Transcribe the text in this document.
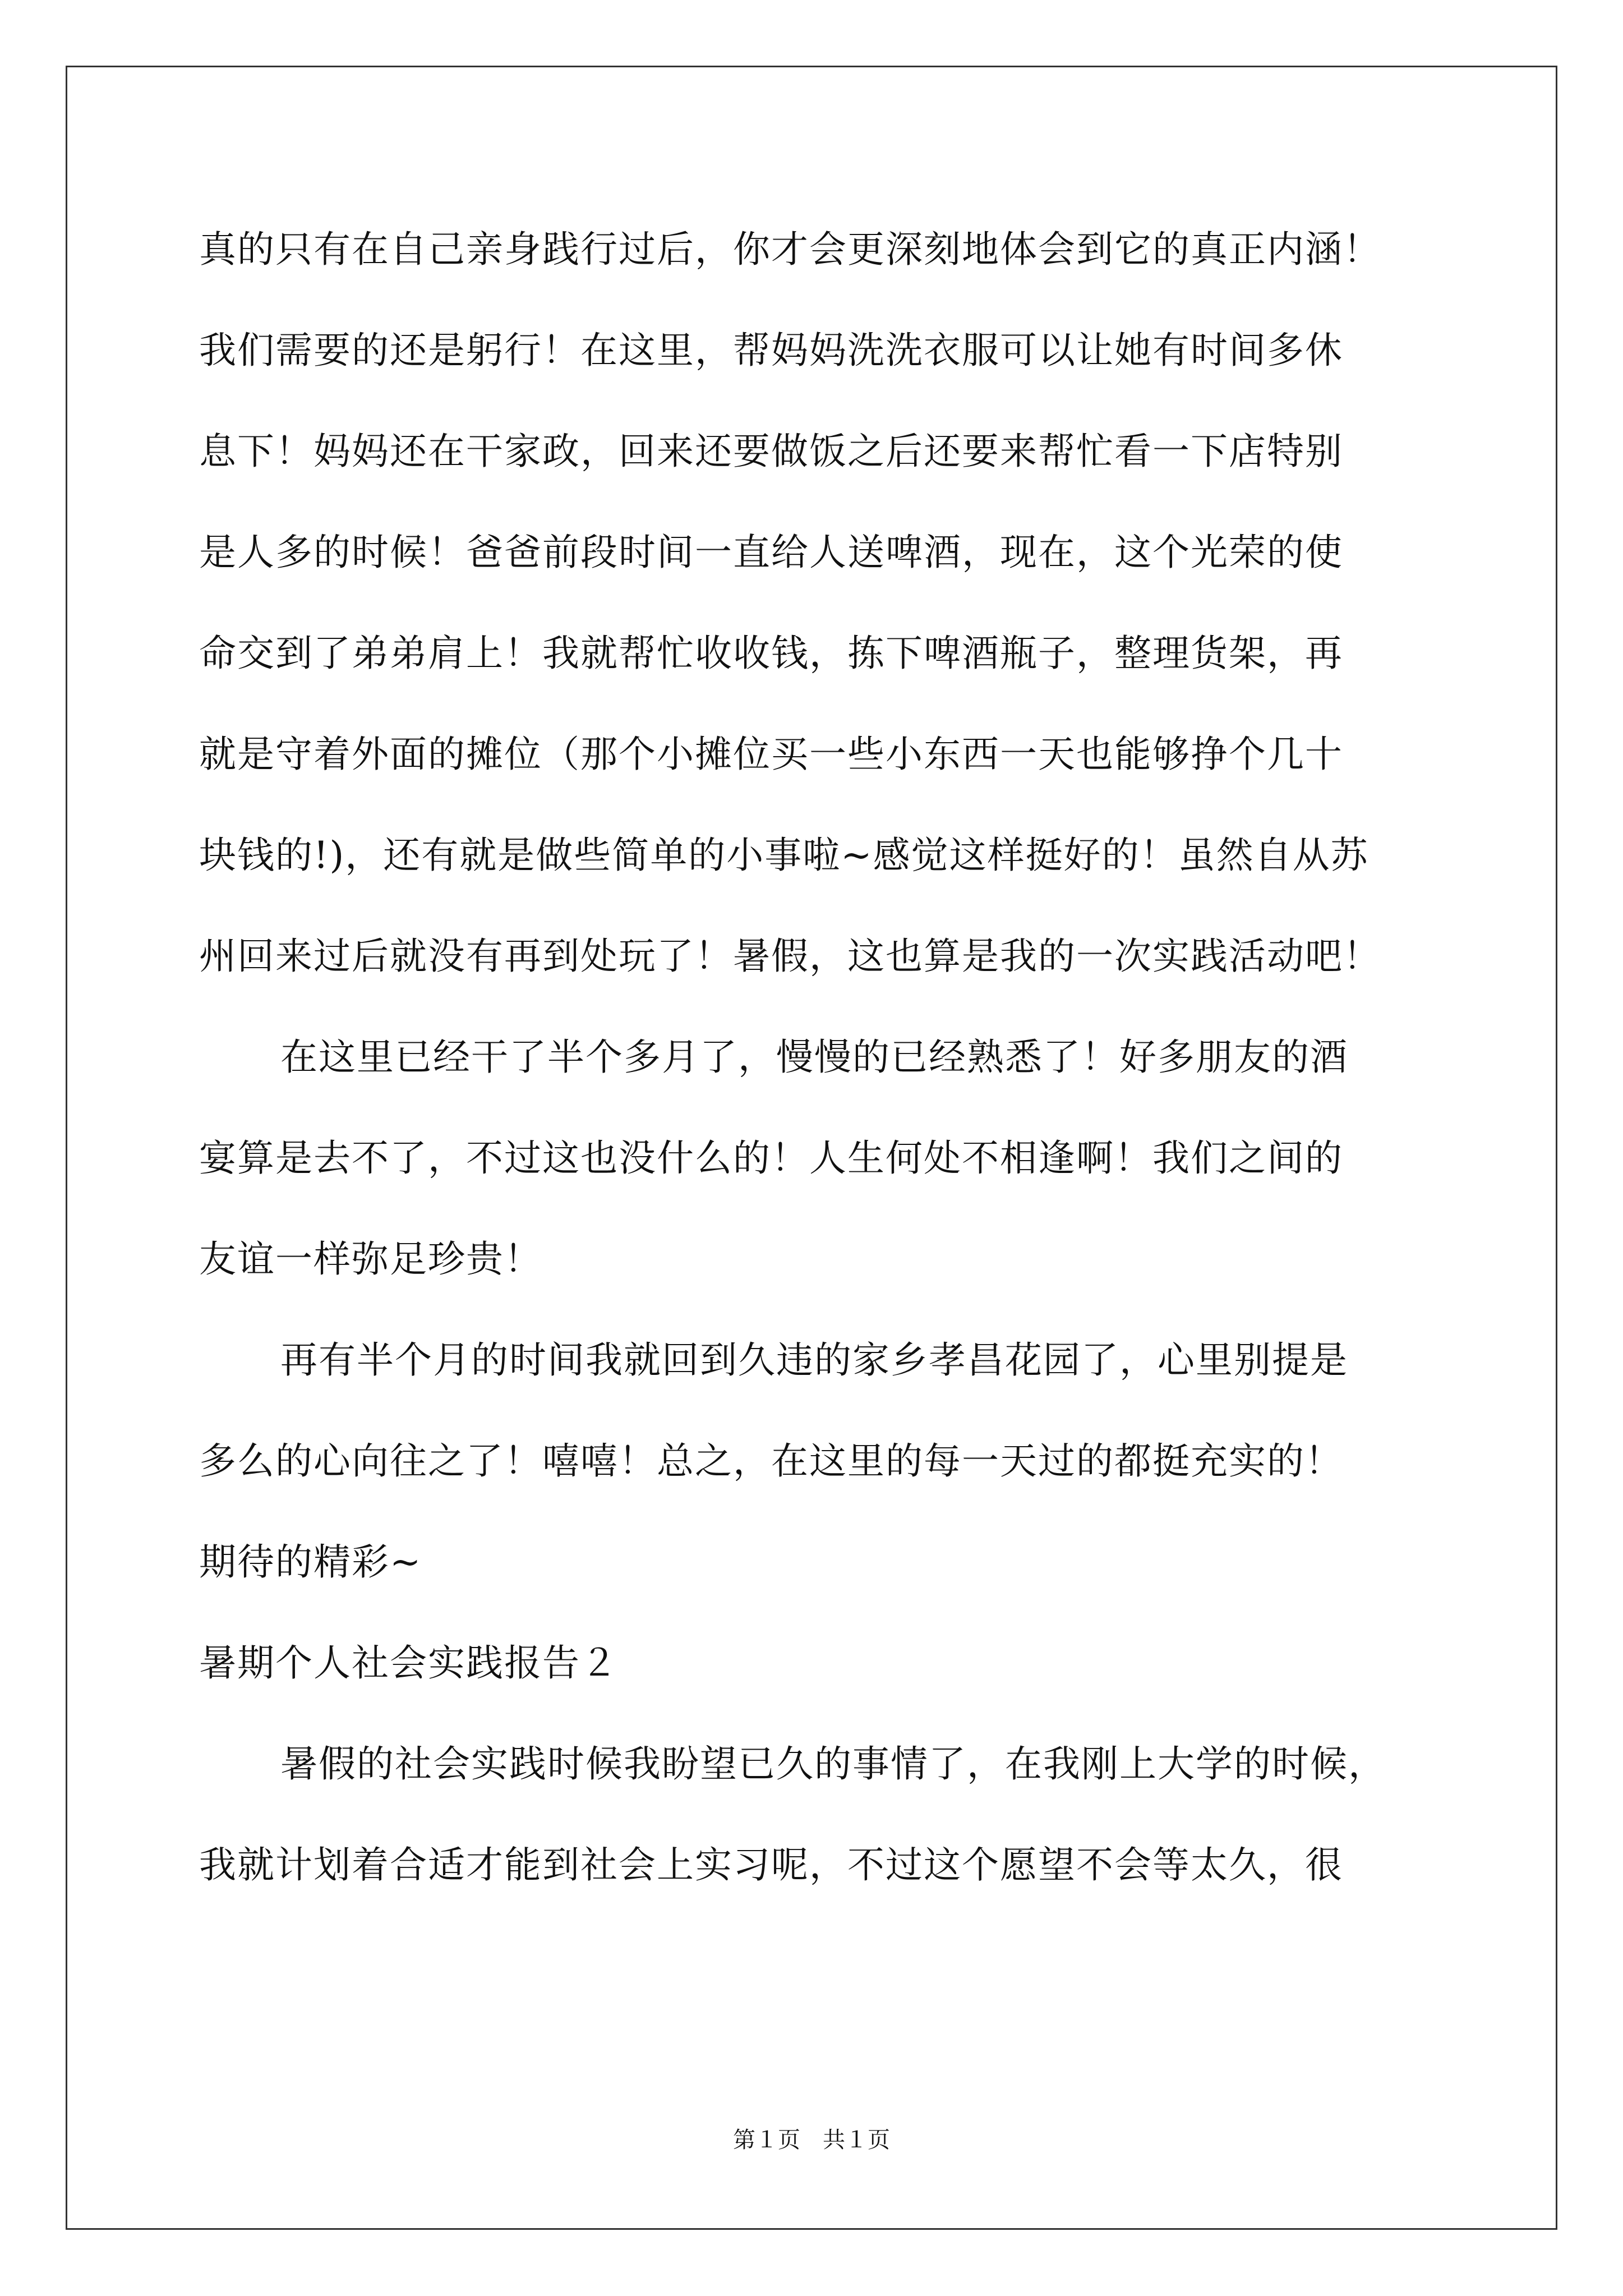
真的只有在自己亲身践行过后，你才会更深刻地体会到它的真正内涵！
我们需要的还是躬行！在这里，帮妈妈洗洗衣服可以让她有时间多休
息下！妈妈还在干家政，回来还要做饭之后还要来帮忙看一下店特别
是人多的时候！爸爸前段时间一直给人送啤酒，现在，这个光荣的使
命交到了弟弟肩上！我就帮忙收收钱，拣下啤酒瓶子，整理货架，再
就是守着外面的摊位（那个小摊位买一些小东西一天也能够挣个几十
块钱的!)，还有就是做些简单的小事啦~感觉这样挺好的！虽然自从苏
州回来过后就没有再到处玩了！暑假，这也算是我的一次实践活动吧！
在这里已经干了半个多月了，慢慢的已经熟悉了！好多朋友的酒
宴算是去不了，不过这也没什么的！人生何处不相逢啊！我们之间的
友谊一样弥足珍贵！
再有半个月的时间我就回到久违的家乡孝昌花园了，心里别提是
多么的心向往之了！嘻嘻！总之，在这里的每一天过的都挺充实的！
期待的精彩~
暑期个人社会实践报告２
暑假的社会实践时候我盼望已久的事情了，在我刚上大学的时候，
我就计划着合适才能到社会上实习呢，不过这个愿望不会等太久，很
第１页　共１页
